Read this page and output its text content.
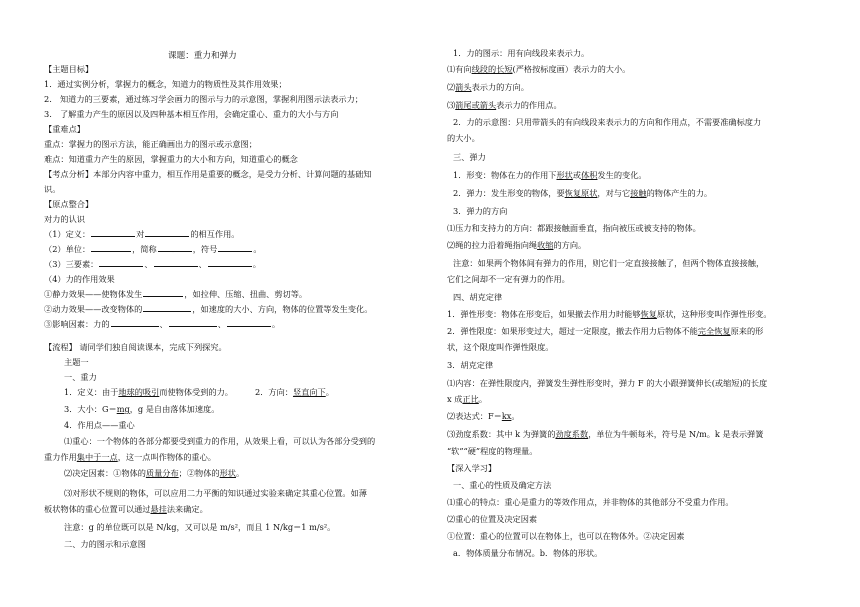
课题：重力和弹力
【主题目标】
1．通过实例分析，掌握力的概念，知道力的物质性及其作用效果；
2.　知道力的三要素，通过练习学会画力的图示与力的示意图，掌握利用图示法表示力；
3.　了解重力产生的原因以及四种基本相互作用，会确定重心、重力的大小与方向
【重难点】
重点：掌握力的图示方法，能正确画出力的图示或示意图；
难点：知道重力产生的原因，掌握重力的大小和方向，知道重心的概念
【考点分析】本部分内容中重力，相互作用是重要的概念，是受力分析、计算问题的基础知
识。
【原点整合】
对力的认识
（1）定义：	对	的相互作用。
（2）单位：	，简称 ． ，符号	。
（3）三要素：	、	、	。
（4）力的作用效果
①静力效果——使物体发生 ．	，如拉伸、压缩、扭曲、剪切等。
②动力效果——改变物体的	，如速度的大小、方向，物体的位置等发生变化。
③影响因素：力的	、	、	。
【流程】 请同学们独自阅读课本，完成下列探究。
主题一
一、重力
1．定义：由于地球的吸引而使物体受到的力。	2．方向：竖直向下。
3．大小：G＝mg，g 是自由落体加速度。
4．作用点——重心
⑴重心：一个物体的各部分都要受到重力的作用，从效果上看，可以认为各部分受到的
重力作用集中于一点，这一点叫作物体的重心。
⑵决定因素：①物体的质量分布；②物体的形状。
⑶对形状不规则的物体，可以应用二力平衡的知识通过实验来确定其重心位置。如薄
板状物体的重心位置可以通过悬挂法来确定。
注意：g 的单位既可以是 N/kg，又可以是 m/s²，而且 1 N/kg＝1 m/s²。
二、力的图示和示意图
1．力的图示：用有向线段来表示力。
⑴有向线段的长短(严格按标度画）表示力的大小。
⑵箭头表示力的方向。
⑶箭尾或箭头表示力的作用点。
2．力的示意图：只用带箭头的有向线段来表示力的方向和作用点，不需要准确标度力
的大小。
三、弹力
1．形变：物体在力的作用下形状或体积发生的变化。
2．弹力：发生形变的物体，要恢复原状，对与它接触的物体产生的力。
3．弹力的方向
⑴压力和支持力的方向：都跟接触面垂直，指向被压或被支持的物体。
⑵绳的拉力沿着绳指向绳收缩的方向。
注意：如果两个物体间有弹力的作用，则它们一定直接接触了，但两个物体直接接触，
它们之间却不一定有弹力的作用。
四、胡克定律
1．弹性形变：物体在形变后，如果撤去作用力时能够恢复原状，这种形变叫作弹性形变。
2．弹性限度：如果形变过大，超过一定限度，撤去作用力后物体不能完全恢复原来的形
状，这个限度叫作弹性限度。
3．胡克定律
⑴内容：在弹性限度内，弹簧发生弹性形变时，弹力 F 的大小跟弹簧伸长(或缩短)的长度
x 成正比。
⑵表达式：F＝kx。
⑶劲度系数：其中 k 为弹簧的劲度系数，单位为牛顿每米，符号是 N/m。k 是表示弹簧
“软”“硬”程度的物理量。
【深入学习】
一、重心的性质及确定方法
⑴重心的特点：重心是重力的等效作用点，并非物体的其他部分不受重力作用。
⑵重心的位置及决定因素
①位置：重心的位置可以在物体上，也可以在物体外。②决定因素
a．物体质量分布情况。b．物体的形状。
